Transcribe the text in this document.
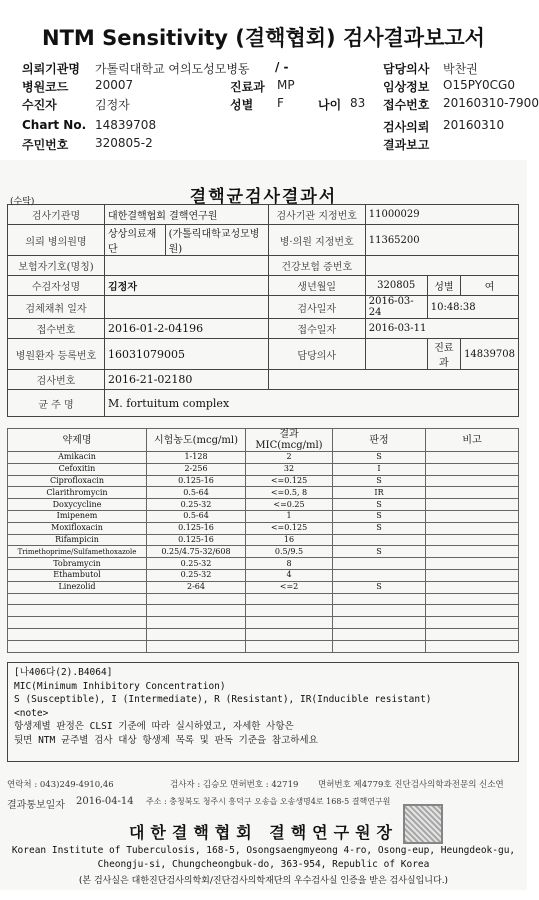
NTM Sensitivity (결핵협회) 검사결과보고서
의뢰기관명 가톨릭대학교 여의도성모병동 / -	담당의사 박찬권
병원코드 20007	진료과 MP	임상정보 O15PY0CG0
수진자	김정자	성별 F	나이 83 접수번호 20160310-7900
Chart No. 14839708	검사의뢰 20160310
주민번호 320805-2	결과보고
(수탁)	결핵균검사결과서
검사기관명	대한결핵협회 결핵연구원		검사기관 지정번호	11000029		
의뢰 병의원명	상상의료재단	(가톨릭대학교성모병원)	병·의원 지정번호	11365200		
보험자기호(명칭)			건강보험 증번호			
수검자성명	김정자		생년월일	320805	성별	여
검체채취 일자			검사일자	2016-03-24	10:48:38	
접수번호	2016-01-2-04196		접수일자	2016-03-11		
병원환자 등록번호	16031079005		담당의사		진료과	14839708
검사번호	2016-21-02180					
균 주 명	M. fortuitum complex					
약제명	시험농도(mcg/ml)	결과 MIC(mcg/ml)	판정	비고
Amikacin	1-128	2	S	
Cefoxitin	2-256	32	I	
Ciprofloxacin	0.125-16	<=0.125	S	
Clarithromycin	0.5-64	<=0.5, 8	IR	
Doxycycline	0.25-32	<=0.25	S	
Imipenem	0.5-64	1	S	
Moxifloxacin	0.125-16	<=0.125	S	
Rifampicin	0.125-16	16		
Trimethoprime/Sulfamethoxazole	0.25/4.75-32/608	0.5/9.5	S	
Tobramycin	0.25-32	8		
Ethambutol	0.25-32	4		
Linezolid	2-64	<=2	S	

[나406다(2).B4064]
MIC(Minimum Inhibitory Concentration)
S (Susceptible), I (Intermediate), R (Resistant), IR(Inducible resistant)
<note>
항생제별 판정은 CLSI 기준에 따라 실시하였고, 자세한 사항은
뒷면 NTM 균주별 검사 대상 항생제 목록 및 판독 기준을 참고하세요
연락처 : 043)249-4910,46	검사자 : 김승모 면허번호 : 42719 면허번호 제4779호 진단검사의학과전문의 신소연
결과통보일자 2016-04-14 주소 : 충청북도 청주시 흥덕구 오송읍 오송생명4로 168-5 결핵연구원
대한결핵협회 결핵연구원장
Korean Institute of Tuberculosis, 168-5, Osongsaengmyeong 4-ro, Osong-eup, Heungdeok-gu,
Cheongju-si, Chungcheongbuk-do, 363-954, Republic of Korea
(본 검사실은 대한진단검사의학회/진단검사의학재단의 우수검사실 인증을 받은 검사실입니다.)
